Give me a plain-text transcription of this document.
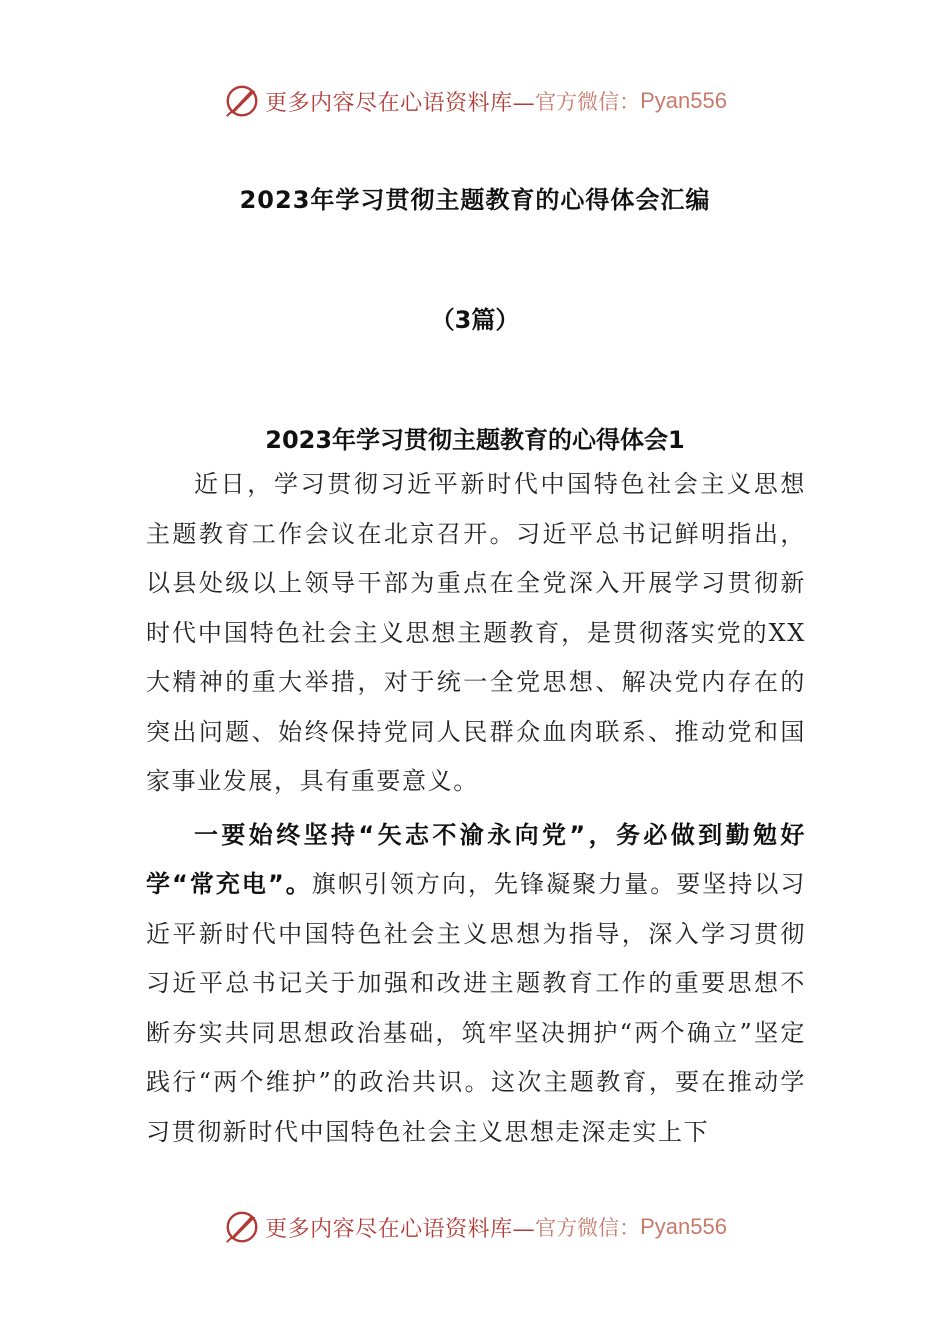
更多内容尽在心语资料库— 官方微信： Pyan556
2023年学习贯彻主题教育的心得体会汇编
（3篇）
2023年学习贯彻主题教育的心得体会1

近日，学习贯彻习近平新时代中国特色社会主义思想主题教育工作会议在北京召开。习近平总书记鲜明指出，以县处级以上领导干部为重点在全党深入开展学习贯彻新时代中国特色社会主义思想主题教育，是贯彻落实党的XX大精神的重大举措，对于统一全党思想、解决党内存在的突出问题、始终保持党同人民群众血肉联系、推动党和国家事业发展，具有重要意义。

一要始终坚持“矢志不渝永向党”，务必做到勤勉好学“常充电”。旗帜引领方向，先锋凝聚力量。要坚持以习近平新时代中国特色社会主义思想为指导，深入学习贯彻习近平总书记关于加强和改进主题教育工作的重要思想不断夯实共同思想政治基础，筑牢坚决拥护“两个确立”坚定践行“两个维护”的政治共识。这次主题教育，要在推动学习贯彻新时代中国特色社会主义思想走深走实上下

更多内容尽在心语资料库— 官方微信： Pyan556
